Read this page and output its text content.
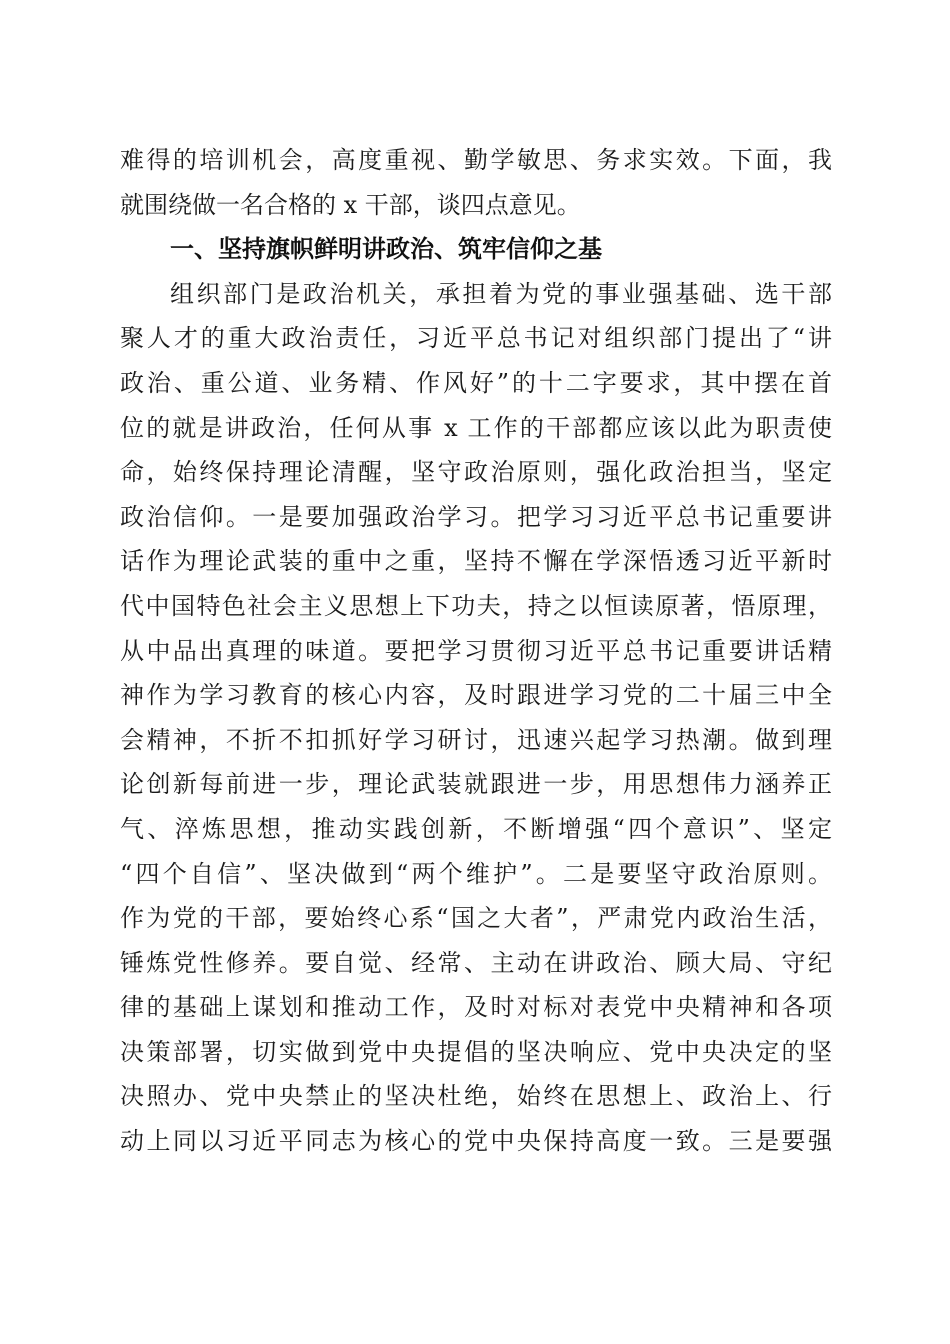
难得的培训机会，高度重视、勤学敏思、务求实效。下面，我
就围绕做一名合格的 x 干部，谈四点意见。
一、坚持旗帜鲜明讲政治、筑牢信仰之基
组织部门是政治机关，承担着为党的事业强基础、选干部
聚人才的重大政治责任，习近平总书记对组织部门提出了“讲
政治、重公道、业务精、作风好”的十二字要求，其中摆在首
位的就是讲政治，任何从事 x 工作的干部都应该以此为职责使
命，始终保持理论清醒，坚守政治原则，强化政治担当，坚定
政治信仰。一是要加强政治学习。把学习习近平总书记重要讲
话作为理论武装的重中之重，坚持不懈在学深悟透习近平新时
代中国特色社会主义思想上下功夫，持之以恒读原著，悟原理，
从中品出真理的味道。要把学习贯彻习近平总书记重要讲话精
神作为学习教育的核心内容，及时跟进学习党的二十届三中全
会精神，不折不扣抓好学习研讨，迅速兴起学习热潮。做到理
论创新每前进一步，理论武装就跟进一步，用思想伟力涵养正
气、淬炼思想，推动实践创新，不断增强“四个意识”、坚定
“四个自信”、坚决做到“两个维护”。二是要坚守政治原则。
作为党的干部，要始终心系“国之大者”，严肃党内政治生活，
锤炼党性修养。要自觉、经常、主动在讲政治、顾大局、守纪
律的基础上谋划和推动工作，及时对标对表党中央精神和各项
决策部署，切实做到党中央提倡的坚决响应、党中央决定的坚
决照办、党中央禁止的坚决杜绝，始终在思想上、政治上、行
动上同以习近平同志为核心的党中央保持高度一致。三是要强
